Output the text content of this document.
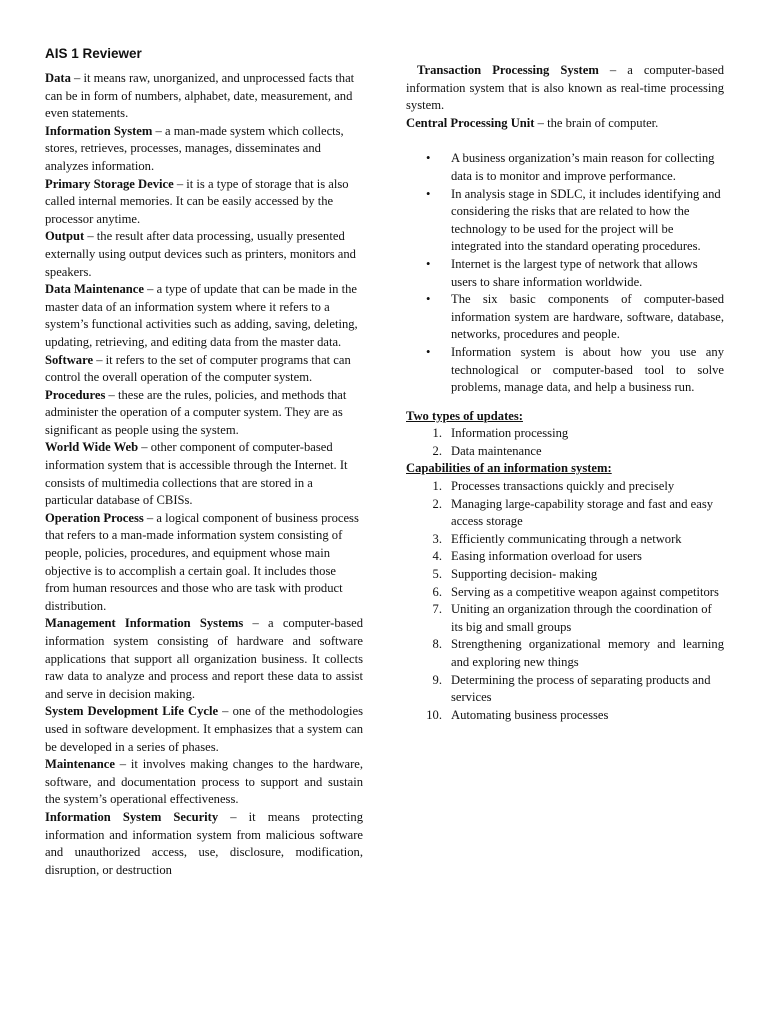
AIS 1 Reviewer

Data – it means raw, unorganized, and unprocessed facts that can be in form of numbers, alphabet, date, measurement, and even statements.

Information System – a man-made system which collects, stores, retrieves, processes, manages, disseminates and analyzes information.

Primary Storage Device – it is a type of storage that is also called internal memories. It can be easily accessed by the processor anytime.

Output – the result after data processing, usually presented externally using output devices such as printers, monitors and speakers.

Data Maintenance – a type of update that can be made in the master data of an information system where it refers to a system’s functional activities such as adding, saving, deleting, updating, retrieving, and editing data from the master data.

Software – it refers to the set of computer programs that can control the overall operation of the computer system.

Procedures – these are the rules, policies, and methods that administer the operation of a computer system. They are as significant as people using the system.

World Wide Web – other component of computer-based information system that is accessible through the Internet. It consists of multimedia collections that are stored in a particular database of CBISs.

Operation Process – a logical component of business process that refers to a man-made information system consisting of people, policies, procedures, and equipment whose main objective is to accomplish a certain goal. It includes those from human resources and those who are task with product distribution.

Management Information Systems – a computer-based information system consisting of hardware and software applications that support all organization business. It collects raw data to analyze and process and report these data to assist and serve in decision making.

System Development Life Cycle – one of the methodologies used in software development. It emphasizes that a system can be developed in a series of phases.

Maintenance – it involves making changes to the hardware, software, and documentation process to support and sustain the system’s operational effectiveness.

Information System Security – it means protecting information and information system from malicious software and unauthorized access, use, disclosure, modification, disruption, or destruction

Transaction Processing System – a computer-based information system that is also known as real-time processing system.

Central Processing Unit – the brain of computer.

•	A business organization’s main reason for collecting data is to monitor and improve performance.
•	In analysis stage in SDLC, it includes identifying and considering the risks that are related to how the technology to be used for the project will be integrated into the standard operating procedures.
•	Internet is the largest type of network that allows users to share information worldwide.
•	The six basic components of computer-based information system are hardware, software, database, networks, procedures and people.
•	Information system is about how you use any technological or computer-based tool to solve problems, manage data, and help a business run.

Two types of updates:

1. Information processing
2. Data maintenance

Capabilities of an information system:

1. Processes transactions quickly and precisely
2. Managing large-capability storage and fast and easy access storage
3. Efficiently communicating through a network
4. Easing information overload for users
5. Supporting decision- making
6. Serving as a competitive weapon against competitors
7. Uniting an organization through the coordination of its big and small groups
8. Strengthening organizational memory and learning and exploring new things
9. Determining the process of separating products and services
10. Automating business processes
